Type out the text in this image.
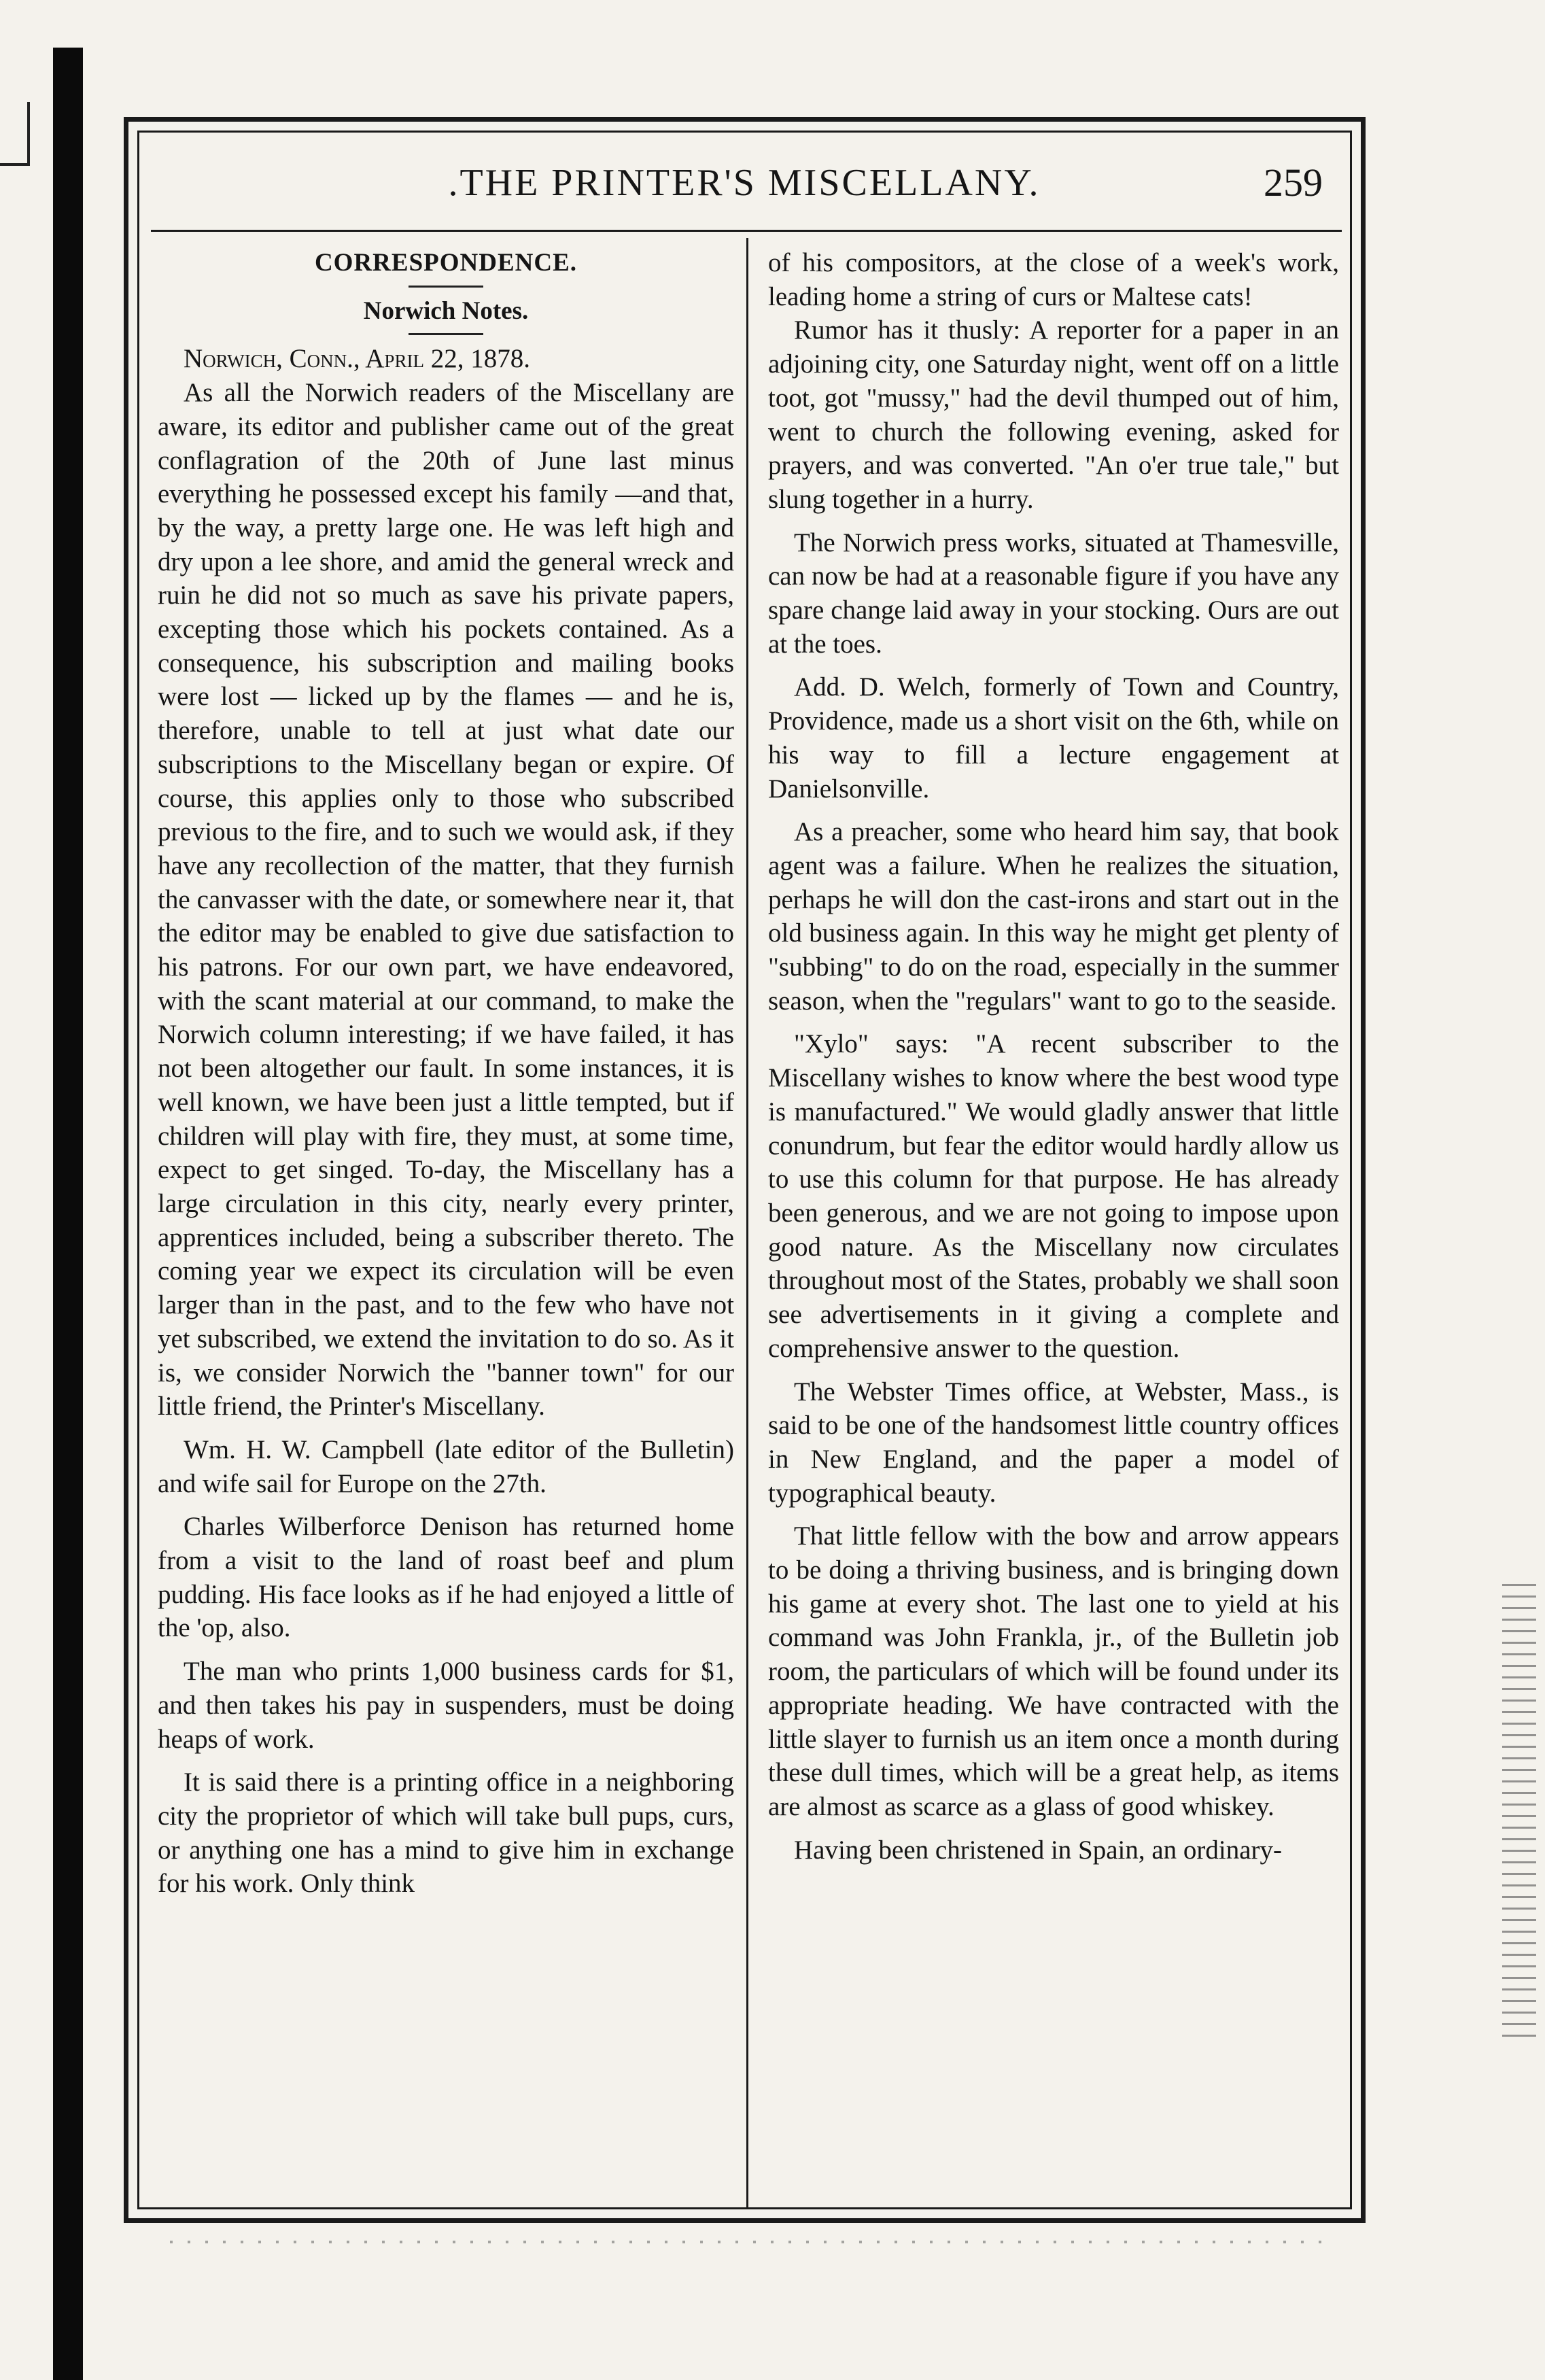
.THE PRINTER'S MISCELLANY.	259

CORRESPONDENCE.

Norwich Notes.

Norwich, Conn., April 22, 1878.

As all the Norwich readers of the Miscellany are aware, its editor and publisher came out of the great conflagration of the 20th of June last minus everything he possessed except his family —and that, by the way, a pretty large one. He was left high and dry upon a lee shore, and amid the general wreck and ruin he did not so much as save his private papers, excepting those which his pockets contained. As a consequence, his subscription and mailing books were lost — licked up by the flames — and he is, therefore, unable to tell at just what date our subscriptions to the Miscellany began or expire. Of course, this applies only to those who subscribed previous to the fire, and to such we would ask, if they have any recollection of the matter, that they furnish the canvasser with the date, or somewhere near it, that the editor may be enabled to give due satisfaction to his patrons. For our own part, we have endeavored, with the scant material at our command, to make the Norwich column interesting; if we have failed, it has not been altogether our fault. In some instances, it is well known, we have been just a little tempted, but if children will play with fire, they must, at some time, expect to get singed. To-day, the Miscellany has a large circulation in this city, nearly every printer, apprentices included, being a subscriber thereto. The coming year we expect its circulation will be even larger than in the past, and to the few who have not yet subscribed, we extend the invitation to do so. As it is, we consider Norwich the "banner town" for our little friend, the Printer's Miscellany.

Wm. H. W. Campbell (late editor of the Bulletin) and wife sail for Europe on the 27th.

Charles Wilberforce Denison has returned home from a visit to the land of roast beef and plum pudding. His face looks as if he had enjoyed a little of the 'op, also.

The man who prints 1,000 business cards for $1, and then takes his pay in suspenders, must be doing heaps of work.

It is said there is a printing office in a neighboring city the proprietor of which will take bull pups, curs, or anything one has a mind to give him in exchange for his work. Only think

of his compositors, at the close of a week's work, leading home a string of curs or Maltese cats!

Rumor has it thusly: A reporter for a paper in an adjoining city, one Saturday night, went off on a little toot, got "mussy," had the devil thumped out of him, went to church the following evening, asked for prayers, and was converted. "An o'er true tale," but slung together in a hurry.

The Norwich press works, situated at Thamesville, can now be had at a reasonable figure if you have any spare change laid away in your stocking. Ours are out at the toes.

Add. D. Welch, formerly of Town and Country, Providence, made us a short visit on the 6th, while on his way to fill a lecture engagement at Danielsonville.

As a preacher, some who heard him say, that book agent was a failure. When he realizes the situation, perhaps he will don the cast-irons and start out in the old business again. In this way he might get plenty of "subbing" to do on the road, especially in the summer season, when the "regulars" want to go to the seaside.

"Xylo" says: "A recent subscriber to the Miscellany wishes to know where the best wood type is manufactured." We would gladly answer that little conundrum, but fear the editor would hardly allow us to use this column for that purpose. He has already been generous, and we are not going to impose upon good nature. As the Miscellany now circulates throughout most of the States, probably we shall soon see advertisements in it giving a complete and comprehensive answer to the question.

The Webster Times office, at Webster, Mass., is said to be one of the handsomest little country offices in New England, and the paper a model of typographical beauty.

That little fellow with the bow and arrow appears to be doing a thriving business, and is bringing down his game at every shot. The last one to yield at his command was John Frankla, jr., of the Bulletin job room, the particulars of which will be found under its appropriate heading. We have contracted with the little slayer to furnish us an item once a month during these dull times, which will be a great help, as items are almost as scarce as a glass of good whiskey.

Having been christened in Spain, an ordinary-
